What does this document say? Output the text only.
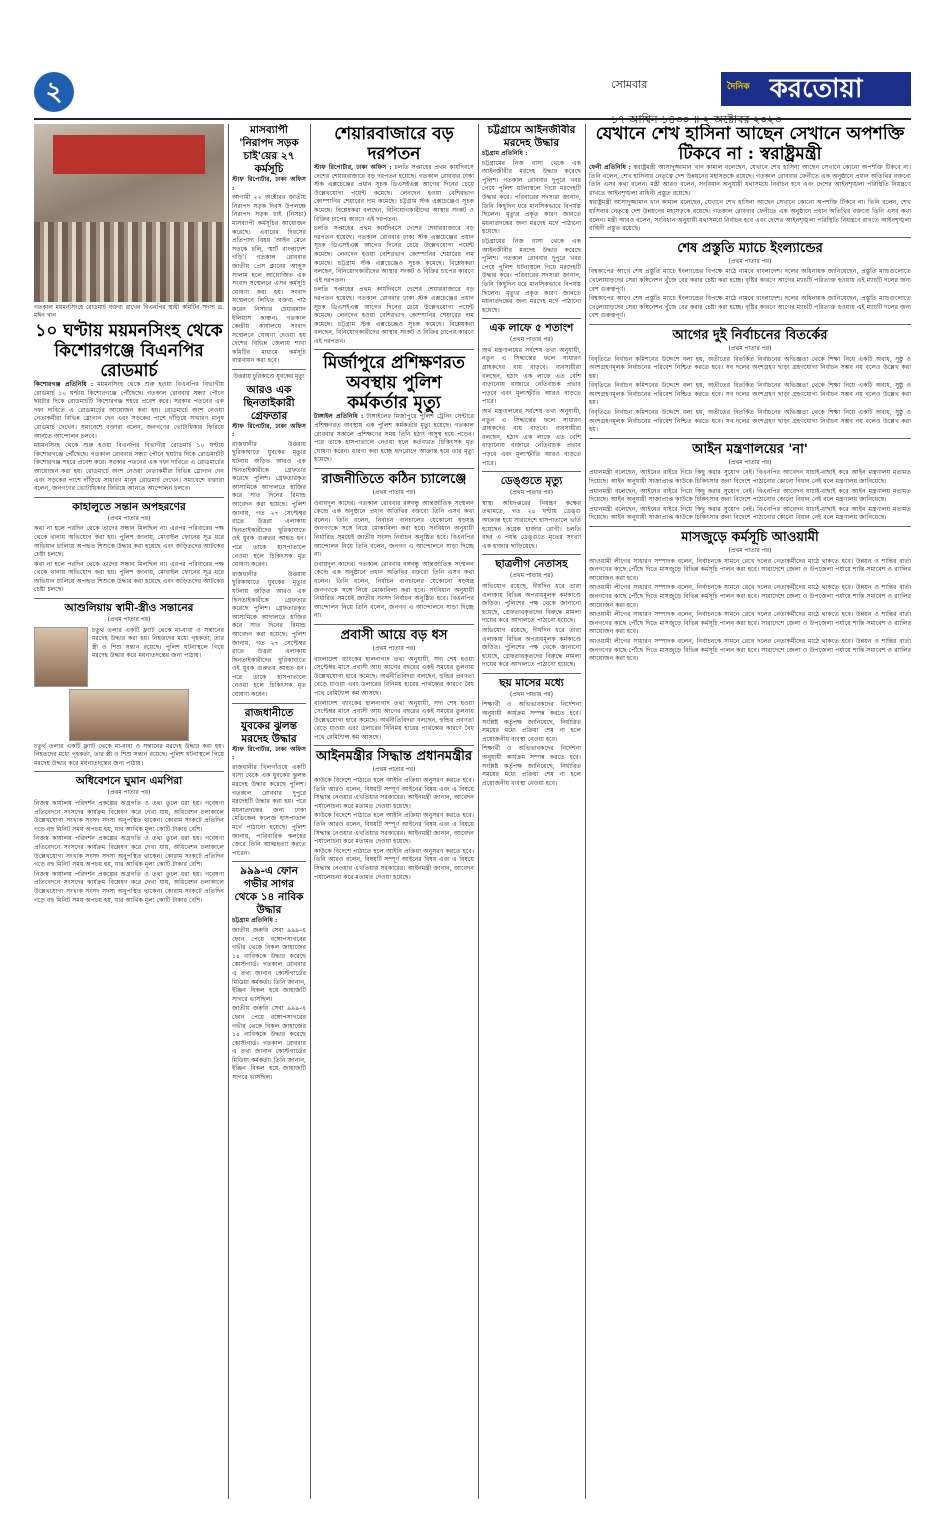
২	সোমবার	দৈনিক করতোয়া
১৭ আশ্বিন ১৪৩০ ॥ ২ অক্টোবর ২০২৩

গতকাল ময়মনসিংহে রোডমার্চ বক্তব্য রাখেন বিএনপির স্থায়ী কমিটির সদস্য ড. মঈন খান

১০ ঘণ্টায় ময়মনসিংহ থেকে কিশোরগঞ্জে বিএনপির রোডমার্চ

কিশোরগঞ্জ প্রতিনিধি : ময়মনসিংহ থেকে শুরু হওয়া বিএনপির বিভাগীয় রোডমার্চ ১০ ঘণ্টায় কিশোরগঞ্জে পৌঁছেছে। গতকাল রোববার সন্ধ্যা পৌনে ছয়টার দিকে রোডমার্চটি কিশোরগঞ্জ শহরে প্রবেশ করে। সরকার পতনের এক দফা দাবিতে এ রোডমার্চের আয়োজন করা হয়। রোডমার্চে অংশ নেওয়া নেতাকর্মীরা বিভিন্ন স্লোগান দেন এবং সড়কের পাশে দাঁড়িয়ে সাধারণ মানুষ রোডমার্চ দেখেন। সমাবেশে বক্তারা বলেন, জনগণের ভোটাধিকার ফিরিয়ে আনতে আন্দোলন চলবে।

ময়মনসিংহ থেকে শুরু হওয়া বিএনপির বিভাগীয় রোডমার্চ ১০ ঘণ্টায় কিশোরগঞ্জে পৌঁছেছে। গতকাল রোববার সন্ধ্যা পৌনে ছয়টার দিকে রোডমার্চটি কিশোরগঞ্জ শহরে প্রবেশ করে। সরকার পতনের এক দফা দাবিতে এ রোডমার্চের আয়োজন করা হয়। রোডমার্চে অংশ নেওয়া নেতাকর্মীরা বিভিন্ন স্লোগান দেন এবং সড়কের পাশে দাঁড়িয়ে সাধারণ মানুষ রোডমার্চ দেখেন। সমাবেশে বক্তারা বলেন, জনগণের ভোটাধিকার ফিরিয়ে আনতে আন্দোলন চলবে।

কাহালুতে সন্তান অপহরণের
(প্রথম পাতার পর)

কথা না হলে পরদিন থেকে তাদের সন্ধান মিলছিল না। এরপর পরিবারের পক্ষ থেকে থানায় অভিযোগ করা হয়। পুলিশ জানায়, মোবাইল ফোনের সূত্র ধরে অভিযান চালিয়ে অপহৃত শিশুকে উদ্ধার করা হয়েছে এবং জড়িতদের আটকের চেষ্টা চলছে।

কথা না হলে পরদিন থেকে তাদের সন্ধান মিলছিল না। এরপর পরিবারের পক্ষ থেকে থানায় অভিযোগ করা হয়। পুলিশ জানায়, মোবাইল ফোনের সূত্র ধরে অভিযান চালিয়ে অপহৃত শিশুকে উদ্ধার করা হয়েছে এবং জড়িতদের আটকের চেষ্টা চলছে।

আশুলিয়ায় স্বামী-স্ত্রীও সন্তানের
(প্রথম পাতার পর)

চতুর্থ তলার একটি ফ্ল্যাট থেকে মা-বাবা ও সন্তানের মরদেহ উদ্ধার করা হয়। নিহতদের মধ্যে গৃহকর্তা, তার স্ত্রী ও শিশু সন্তান রয়েছে। পুলিশ ঘটনাস্থলে গিয়ে মরদেহ উদ্ধার করে ময়নাতদন্তের জন্য পাঠায়।

চতুর্থ তলার একটি ফ্ল্যাট থেকে মা-বাবা ও সন্তানের মরদেহ উদ্ধার করা হয়। নিহতদের মধ্যে গৃহকর্তা, তার স্ত্রী ও শিশু সন্তান রয়েছে। পুলিশ ঘটনাস্থলে গিয়ে মরদেহ উদ্ধার করে ময়নাতদন্তের জন্য পাঠায়।

অধিবেশনে ঘুমান এমপিরা
(প্রথম পাতার পর)

নিজস্ব কার্যালয় পরিদর্শন প্রকল্পের অগ্রগতি ও তথ্য তুলে ধরা হয়। গবেষণা প্রতিবেদনে সংসদের কার্যক্রম বিশ্লেষণ করে দেখা যায়, অধিবেশন চলাকালে উল্লেখযোগ্য সংখ্যক সংসদ সদস্য অনুপস্থিত থাকেন। কোরাম সংকটে প্রতিদিন গড়ে বহু মিনিট সময় অপচয় হয়, যার আর্থিক মূল্য কোটি টাকার বেশি।

নিজস্ব কার্যালয় পরিদর্শন প্রকল্পের অগ্রগতি ও তথ্য তুলে ধরা হয়। গবেষণা প্রতিবেদনে সংসদের কার্যক্রম বিশ্লেষণ করে দেখা যায়, অধিবেশন চলাকালে উল্লেখযোগ্য সংখ্যক সংসদ সদস্য অনুপস্থিত থাকেন। কোরাম সংকটে প্রতিদিন গড়ে বহু মিনিট সময় অপচয় হয়, যার আর্থিক মূল্য কোটি টাকার বেশি।

নিজস্ব কার্যালয় পরিদর্শন প্রকল্পের অগ্রগতি ও তথ্য তুলে ধরা হয়। গবেষণা প্রতিবেদনে সংসদের কার্যক্রম বিশ্লেষণ করে দেখা যায়, অধিবেশন চলাকালে উল্লেখযোগ্য সংখ্যক সংসদ সদস্য অনুপস্থিত থাকেন। কোরাম সংকটে প্রতিদিন গড়ে বহু মিনিট সময় অপচয় হয়, যার আর্থিক মূল্য কোটি টাকার বেশি।

মাসব্যাপী 'নিরাপদ সড়ক চাই'য়ের ২৭ কর্মসূচি

স্টাফ রিপোর্টার, ঢাকা অফিস :

আগামী ২২ অক্টোবর জাতীয় নিরাপদ সড়ক দিবস উপলক্ষে নিরাপদ সড়ক চাই (নিসচা) মাসব্যাপী কর্মসূচির আয়োজন করেছে। এবারের দিবসের প্রতিপাদ্য বিষয় 'আইন মেনে সড়কে চলি, স্মার্ট বাংলাদেশ গড়ি'। গতকাল রোববার জাতীয় প্রেস ক্লাবের আব্দুস সালাম হলে আয়োজিত এক সংবাদ সম্মেলনে এসব কর্মসূচি ঘোষণা করা হয়। সংবাদ সম্মেলনে লিখিত বক্তব্য পাঠ করেন নিসচার চেয়ারম্যান ইলিয়াস কাঞ্চন। গতকাল কেন্দ্রীয় কার্যালয়ে সংবাদ সম্মেলনে ঘোষণা দেওয়া হয় দেশের বিভিন্ন জেলায় শাখা কমিটির মাধ্যমে কর্মসূচি বাস্তবায়ন করা হবে।

উত্তরায় চুরিকাণ্ডে যুবকের মৃত্যু
আরও এক ছিনতাইকারী গ্রেফতার

স্টাফ রিপোর্টার, ঢাকা অফিস :

রাজধানীর উত্তরায় ছুরিকাঘাতে যুবকের মৃত্যুর ঘটনায় জড়িত আরও এক ছিনতাইকারীকে গ্রেফতার করেছে পুলিশ। গ্রেফতারকৃত আসামিকে আদালতে হাজির করে সাত দিনের রিমান্ড আবেদন করা হয়েছে। পুলিশ জানায়, গত ২৭ সেপ্টেম্বর রাতে উত্তরা এলাকায় ছিনতাইকারীদের ছুরিকাঘাতে ওই যুবক গুরুতর আহত হন। পরে তাকে হাসপাতালে নেওয়া হলে চিকিৎসক মৃত ঘোষণা করেন।

রাজধানীর উত্তরায় ছুরিকাঘাতে যুবকের মৃত্যুর ঘটনায় জড়িত আরও এক ছিনতাইকারীকে গ্রেফতার করেছে পুলিশ। গ্রেফতারকৃত আসামিকে আদালতে হাজির করে সাত দিনের রিমান্ড আবেদন করা হয়েছে। পুলিশ জানায়, গত ২৭ সেপ্টেম্বর রাতে উত্তরা এলাকায় ছিনতাইকারীদের ছুরিকাঘাতে ওই যুবক গুরুতর আহত হন। পরে তাকে হাসপাতালে নেওয়া হলে চিকিৎসক মৃত ঘোষণা করেন।

রাজধানীতে যুবকের ঝুলন্ত মরদেহ উদ্ধার

স্টাফ রিপোর্টার, ঢাকা অফিস :

রাজধানীর খিলগাঁওয়ে একটি বাসা থেকে এক যুবকের ঝুলন্ত মরদেহ উদ্ধার করেছে পুলিশ। গতকাল রোববার দুপুরে মরদেহটি উদ্ধার করা হয়। পরে ময়নাতদন্তের জন্য ঢাকা মেডিকেল কলেজ হাসপাতাল মর্গে পাঠানো হয়েছে। পুলিশ জানায়, পারিবারিক কলহের জেরে তিনি আত্মহত্যা করতে পারেন।

৯৯৯-এ ফোন গভীর সাগর থেকে ১৪ নাবিক উদ্ধার

চট্টগ্রাম প্রতিনিধি :

জাতীয় জরুরি সেবা ৯৯৯-এ ফোন পেয়ে বঙ্গোপসাগরের গভীর থেকে বিকল জাহাজের ১৪ নাবিককে উদ্ধার করেছে কোস্টগার্ড। গতকাল রোববার এ তথ্য জানান কোস্টগার্ডের মিডিয়া কর্মকর্তা। তিনি জানান, ইঞ্জিন বিকল হয়ে জাহাজটি সাগরে ভাসছিল।

জাতীয় জরুরি সেবা ৯৯৯-এ ফোন পেয়ে বঙ্গোপসাগরের গভীর থেকে বিকল জাহাজের ১৪ নাবিককে উদ্ধার করেছে কোস্টগার্ড। গতকাল রোববার এ তথ্য জানান কোস্টগার্ডের মিডিয়া কর্মকর্তা। তিনি জানান, ইঞ্জিন বিকল হয়ে জাহাজটি সাগরে ভাসছিল।

শেয়ারবাজারে বড় দরপতন

স্টাফ রিপোর্টার, ঢাকা অফিস : চলতি সপ্তাহের প্রথম কার্যদিবসে দেশের শেয়ারবাজারে বড় দরপতন হয়েছে। গতকাল রোববার ঢাকা স্টক এক্সচেঞ্জের প্রধান সূচক ডিএসইএক্স আগের দিনের চেয়ে উল্লেখযোগ্য পয়েন্ট কমেছে। লেনদেন হওয়া বেশিরভাগ কোম্পানির শেয়ারের দাম কমেছে। চট্টগ্রাম স্টক এক্সচেঞ্জেও সূচক কমেছে। বিশ্লেষকরা বলছেন, বিনিয়োগকারীদের আস্থার সংকট ও বিক্রির চাপের কারণে এই দরপতন।

চলতি সপ্তাহের প্রথম কার্যদিবসে দেশের শেয়ারবাজারে বড় দরপতন হয়েছে। গতকাল রোববার ঢাকা স্টক এক্সচেঞ্জের প্রধান সূচক ডিএসইএক্স আগের দিনের চেয়ে উল্লেখযোগ্য পয়েন্ট কমেছে। লেনদেন হওয়া বেশিরভাগ কোম্পানির শেয়ারের দাম কমেছে। চট্টগ্রাম স্টক এক্সচেঞ্জেও সূচক কমেছে। বিশ্লেষকরা বলছেন, বিনিয়োগকারীদের আস্থার সংকট ও বিক্রির চাপের কারণে এই দরপতন।

চলতি সপ্তাহের প্রথম কার্যদিবসে দেশের শেয়ারবাজারে বড় দরপতন হয়েছে। গতকাল রোববার ঢাকা স্টক এক্সচেঞ্জের প্রধান সূচক ডিএসইএক্স আগের দিনের চেয়ে উল্লেখযোগ্য পয়েন্ট কমেছে। লেনদেন হওয়া বেশিরভাগ কোম্পানির শেয়ারের দাম কমেছে। চট্টগ্রাম স্টক এক্সচেঞ্জেও সূচক কমেছে। বিশ্লেষকরা বলছেন, বিনিয়োগকারীদের আস্থার সংকট ও বিক্রির চাপের কারণে এই দরপতন।

মির্জাপুরে প্রশিক্ষণরত অবস্থায় পুলিশ কর্মকর্তার মৃত্যু

টাঙ্গাইল প্রতিনিধি : টাঙ্গাইলের মির্জাপুরে পুলিশ ট্রেনিং সেন্টারে প্রশিক্ষণরত অবস্থায় এক পুলিশ কর্মকর্তার মৃত্যু হয়েছে। গতকাল রোববার সকালে প্রশিক্ষণের সময় তিনি হঠাৎ অসুস্থ হয়ে পড়েন। পরে তাকে হাসপাতালে নেওয়া হলে কর্তব্যরত চিকিৎসক মৃত ঘোষণা করেন। ধারণা করা হচ্ছে হৃদরোগে আক্রান্ত হয়ে তার মৃত্যু হয়েছে।

রাজনীতিতে কঠিন চ্যালেঞ্জে
(প্রথম পাতার পর)

ওবায়দুল কাদের। গতকাল রোববার বঙ্গবন্ধু আন্তর্জাতিক সম্মেলন কেন্দ্রে এক অনুষ্ঠানে প্রধান অতিথির বক্তব্যে তিনি এসব কথা বলেন। তিনি বলেন, নির্বাচন বানচালের যেকোনো ষড়যন্ত্র জনগণকে সঙ্গে নিয়ে মোকাবিলা করা হবে। সংবিধান অনুযায়ী নির্ধারিত সময়েই জাতীয় সংসদ নির্বাচন অনুষ্ঠিত হবে। বিএনপির আন্দোলন নিয়ে তিনি বলেন, জনগণ এ আন্দোলনে সাড়া দিচ্ছে না।

ওবায়দুল কাদের। গতকাল রোববার বঙ্গবন্ধু আন্তর্জাতিক সম্মেলন কেন্দ্রে এক অনুষ্ঠানে প্রধান অতিথির বক্তব্যে তিনি এসব কথা বলেন। তিনি বলেন, নির্বাচন বানচালের যেকোনো ষড়যন্ত্র জনগণকে সঙ্গে নিয়ে মোকাবিলা করা হবে। সংবিধান অনুযায়ী নির্ধারিত সময়েই জাতীয় সংসদ নির্বাচন অনুষ্ঠিত হবে। বিএনপির আন্দোলন নিয়ে তিনি বলেন, জনগণ এ আন্দোলনে সাড়া দিচ্ছে না।

প্রবাসী আয়ে বড় ধস
(প্রথম পাতার পর)

বাংলাদেশ ব্যাংকের হালনাগাদ তথ্য অনুযায়ী, সদ্য শেষ হওয়া সেপ্টেম্বর মাসে প্রবাসী আয় আগের বছরের একই সময়ের তুলনায় উল্লেখযোগ্য হারে কমেছে। অর্থনীতিবিদরা বলছেন, হুন্ডির প্রবণতা বেড়ে যাওয়া এবং ডলারের বিনিময় হারের পার্থক্যের কারণে বৈধ পথে রেমিট্যান্স কম আসছে।

বাংলাদেশ ব্যাংকের হালনাগাদ তথ্য অনুযায়ী, সদ্য শেষ হওয়া সেপ্টেম্বর মাসে প্রবাসী আয় আগের বছরের একই সময়ের তুলনায় উল্লেখযোগ্য হারে কমেছে। অর্থনীতিবিদরা বলছেন, হুন্ডির প্রবণতা বেড়ে যাওয়া এবং ডলারের বিনিময় হারের পার্থক্যের কারণে বৈধ পথে রেমিট্যান্স কম আসছে।

আইনমন্ত্রীর সিদ্ধান্ত প্রধানমন্ত্রীর
(প্রথম পাতার পর)

কাউকে বিদেশে পাঠাতে হলে আইনি প্রক্রিয়া অনুসরণ করতে হবে। তিনি আরও বলেন, বিষয়টি সম্পূর্ণ আইনের বিষয় এবং এ বিষয়ে সিদ্ধান্ত নেওয়ার এখতিয়ার সরকারের। আইনমন্ত্রী জানান, আবেদন পর্যালোচনা করে মতামত দেওয়া হয়েছে।

কাউকে বিদেশে পাঠাতে হলে আইনি প্রক্রিয়া অনুসরণ করতে হবে। তিনি আরও বলেন, বিষয়টি সম্পূর্ণ আইনের বিষয় এবং এ বিষয়ে সিদ্ধান্ত নেওয়ার এখতিয়ার সরকারের। আইনমন্ত্রী জানান, আবেদন পর্যালোচনা করে মতামত দেওয়া হয়েছে।

কাউকে বিদেশে পাঠাতে হলে আইনি প্রক্রিয়া অনুসরণ করতে হবে। তিনি আরও বলেন, বিষয়টি সম্পূর্ণ আইনের বিষয় এবং এ বিষয়ে সিদ্ধান্ত নেওয়ার এখতিয়ার সরকারের। আইনমন্ত্রী জানান, আবেদন পর্যালোচনা করে মতামত দেওয়া হয়েছে।

চট্টগ্রামে আইনজীবীর মরদেহ উদ্ধার

চট্টগ্রাম প্রতিনিধি :

চট্টগ্রামের নিজ বাসা থেকে এক আইনজীবীর মরদেহ উদ্ধার করেছে পুলিশ। গতকাল রোববার দুপুরে খবর পেয়ে পুলিশ ঘটনাস্থলে গিয়ে মরদেহটি উদ্ধার করে। পরিবারের সদস্যরা জানান, তিনি কিছুদিন ধরে মানসিকভাবে বিপর্যস্ত ছিলেন। মৃত্যুর প্রকৃত কারণ জানতে ময়নাতদন্তের জন্য মরদেহ মর্গে পাঠানো হয়েছে।

চট্টগ্রামের নিজ বাসা থেকে এক আইনজীবীর মরদেহ উদ্ধার করেছে পুলিশ। গতকাল রোববার দুপুরে খবর পেয়ে পুলিশ ঘটনাস্থলে গিয়ে মরদেহটি উদ্ধার করে। পরিবারের সদস্যরা জানান, তিনি কিছুদিন ধরে মানসিকভাবে বিপর্যস্ত ছিলেন। মৃত্যুর প্রকৃত কারণ জানতে ময়নাতদন্তের জন্য মরদেহ মর্গে পাঠানো হয়েছে।

এক লাফে ৫ শতাংশ
(প্রথম পাতার পর)

অর্থ মন্ত্রণালয়ের সর্বশেষ তথ্য অনুযায়ী, নতুন এ সিদ্ধান্তের ফলে সাধারণ গ্রাহকদের ব্যয় বাড়বে। ব্যবসায়ীরা বলছেন, হঠাৎ এক লাফে এত বেশি বাড়ানোয় বাজারে নেতিবাচক প্রভাব পড়বে এবং মূল্যস্ফীতি আরও বাড়তে পারে।

অর্থ মন্ত্রণালয়ের সর্বশেষ তথ্য অনুযায়ী, নতুন এ সিদ্ধান্তের ফলে সাধারণ গ্রাহকদের ব্যয় বাড়বে। ব্যবসায়ীরা বলছেন, হঠাৎ এক লাফে এত বেশি বাড়ানোয় বাজারে নেতিবাচক প্রভাব পড়বে এবং মূল্যস্ফীতি আরও বাড়তে পারে।

ডেঙ্গুতে মৃত্যু
(প্রথম পাতার পর)

স্বাস্থ্য অধিদপ্তরের নিয়ন্ত্রণ কক্ষের তথ্যমতে, গত ২৪ ঘণ্টায় ডেঙ্গু আক্রান্ত হয়ে সারাদেশে হাসপাতালে ভর্তি হয়েছেন কয়েক হাজার রোগী। চলতি বছর এ পর্যন্ত ডেঙ্গুতে মৃতের সংখ্যা এক হাজার ছাড়িয়েছে।

ছাত্রলীগ নেতাসহ
(প্রথম পাতার পর)

অভিযোগ রয়েছে, দীর্ঘদিন ধরে তারা এলাকায় বিভিন্ন অপরাধমূলক কর্মকাণ্ডে জড়িত। পুলিশের পক্ষ থেকে জানানো হয়েছে, গ্রেফতারকৃতদের বিরুদ্ধে মামলা দায়ের করে আদালতে পাঠানো হয়েছে।

অভিযোগ রয়েছে, দীর্ঘদিন ধরে তারা এলাকায় বিভিন্ন অপরাধমূলক কর্মকাণ্ডে জড়িত। পুলিশের পক্ষ থেকে জানানো হয়েছে, গ্রেফতারকৃতদের বিরুদ্ধে মামলা দায়ের করে আদালতে পাঠানো হয়েছে।

ছয় মাসের মধ্যে
(প্রথম পাতার পর)

শিক্ষার্থী ও অভিভাবকদের নির্দেশনা অনুযায়ী কার্যক্রম সম্পন্ন করতে হবে। সংশ্লিষ্ট কর্তৃপক্ষ জানিয়েছে, নির্ধারিত সময়ের মধ্যে প্রক্রিয়া শেষ না হলে প্রয়োজনীয় ব্যবস্থা নেওয়া হবে।

শিক্ষার্থী ও অভিভাবকদের নির্দেশনা অনুযায়ী কার্যক্রম সম্পন্ন করতে হবে। সংশ্লিষ্ট কর্তৃপক্ষ জানিয়েছে, নির্ধারিত সময়ের মধ্যে প্রক্রিয়া শেষ না হলে প্রয়োজনীয় ব্যবস্থা নেওয়া হবে।

যেখানে শেখ হাসিনা আছেন সেখানে অপশক্তি টিকবে না : স্বরাষ্ট্রমন্ত্রী

ফেনী প্রতিনিধি : স্বরাষ্ট্রমন্ত্রী আসাদুজ্জামান খান কামাল বলেছেন, যেখানে শেখ হাসিনা আছেন সেখানে কোনো অপশক্তি টিকবে না। তিনি বলেন, শেখ হাসিনার নেতৃত্বে দেশ উন্নয়নের মহাসড়কে রয়েছে। গতকাল রোববার ফেনীতে এক অনুষ্ঠানে প্রধান অতিথির বক্তব্যে তিনি এসব কথা বলেন। মন্ত্রী আরও বলেন, সংবিধান অনুযায়ী যথাসময়ে নির্বাচন হবে এবং দেশের আইনশৃঙ্খলা পরিস্থিতি নিয়ন্ত্রণে রাখতে আইনশৃঙ্খলা বাহিনী প্রস্তুত রয়েছে।

স্বরাষ্ট্রমন্ত্রী আসাদুজ্জামান খান কামাল বলেছেন, যেখানে শেখ হাসিনা আছেন সেখানে কোনো অপশক্তি টিকবে না। তিনি বলেন, শেখ হাসিনার নেতৃত্বে দেশ উন্নয়নের মহাসড়কে রয়েছে। গতকাল রোববার ফেনীতে এক অনুষ্ঠানে প্রধান অতিথির বক্তব্যে তিনি এসব কথা বলেন। মন্ত্রী আরও বলেন, সংবিধান অনুযায়ী যথাসময়ে নির্বাচন হবে এবং দেশের আইনশৃঙ্খলা পরিস্থিতি নিয়ন্ত্রণে রাখতে আইনশৃঙ্খলা বাহিনী প্রস্তুত রয়েছে।

শেষ প্রস্তুতি ম্যাচে ইংল্যান্ডের
(প্রথম পাতার পর)

বিশ্বকাপের আগে শেষ প্রস্তুতি ম্যাচে ইংল্যান্ডের বিপক্ষে মাঠে নামবে বাংলাদেশ। দলের অধিনায়ক জানিয়েছেন, প্রস্তুতি ম্যাচগুলোতে খেলোয়াড়দের সেরা কম্বিনেশন খুঁজে বের করার চেষ্টা করা হচ্ছে। বৃষ্টির কারণে আগের ম্যাচটি পরিত্যক্ত হওয়ায় এই ম্যাচটি দলের জন্য বেশ গুরুত্বপূর্ণ।

বিশ্বকাপের আগে শেষ প্রস্তুতি ম্যাচে ইংল্যান্ডের বিপক্ষে মাঠে নামবে বাংলাদেশ। দলের অধিনায়ক জানিয়েছেন, প্রস্তুতি ম্যাচগুলোতে খেলোয়াড়দের সেরা কম্বিনেশন খুঁজে বের করার চেষ্টা করা হচ্ছে। বৃষ্টির কারণে আগের ম্যাচটি পরিত্যক্ত হওয়ায় এই ম্যাচটি দলের জন্য বেশ গুরুত্বপূর্ণ।

আগের দুই নির্বাচনের বিতর্কের
(প্রথম পাতার পর)

বিবৃতিতে নির্বাচন কমিশনের উদ্দেশে বলা হয়, অতীতের বিতর্কিত নির্বাচনের অভিজ্ঞতা থেকে শিক্ষা নিয়ে একটি অবাধ, সুষ্ঠু ও অংশগ্রহণমূলক নির্বাচনের পরিবেশ নিশ্চিত করতে হবে। সব দলের অংশগ্রহণ ছাড়া গ্রহণযোগ্য নির্বাচন সম্ভব নয় বলেও উল্লেখ করা হয়।

বিবৃতিতে নির্বাচন কমিশনের উদ্দেশে বলা হয়, অতীতের বিতর্কিত নির্বাচনের অভিজ্ঞতা থেকে শিক্ষা নিয়ে একটি অবাধ, সুষ্ঠু ও অংশগ্রহণমূলক নির্বাচনের পরিবেশ নিশ্চিত করতে হবে। সব দলের অংশগ্রহণ ছাড়া গ্রহণযোগ্য নির্বাচন সম্ভব নয় বলেও উল্লেখ করা হয়।

বিবৃতিতে নির্বাচন কমিশনের উদ্দেশে বলা হয়, অতীতের বিতর্কিত নির্বাচনের অভিজ্ঞতা থেকে শিক্ষা নিয়ে একটি অবাধ, সুষ্ঠু ও অংশগ্রহণমূলক নির্বাচনের পরিবেশ নিশ্চিত করতে হবে। সব দলের অংশগ্রহণ ছাড়া গ্রহণযোগ্য নির্বাচন সম্ভব নয় বলেও উল্লেখ করা হয়।

আইন মন্ত্রণালয়ের 'না'
(প্রথম পাতার পর)

প্রধানমন্ত্রী বলেছেন, আইনের বাইরে গিয়ে কিছু করার সুযোগ নেই। বিএনপির আবেদন যাচাই-বাছাই করে আইন মন্ত্রণালয় মতামত দিয়েছে। আইন অনুযায়ী সাজাপ্রাপ্ত কাউকে চিকিৎসার জন্য বিদেশে পাঠানোর কোনো বিধান নেই বলে মন্ত্রণালয় জানিয়েছে।

প্রধানমন্ত্রী বলেছেন, আইনের বাইরে গিয়ে কিছু করার সুযোগ নেই। বিএনপির আবেদন যাচাই-বাছাই করে আইন মন্ত্রণালয় মতামত দিয়েছে। আইন অনুযায়ী সাজাপ্রাপ্ত কাউকে চিকিৎসার জন্য বিদেশে পাঠানোর কোনো বিধান নেই বলে মন্ত্রণালয় জানিয়েছে।

প্রধানমন্ত্রী বলেছেন, আইনের বাইরে গিয়ে কিছু করার সুযোগ নেই। বিএনপির আবেদন যাচাই-বাছাই করে আইন মন্ত্রণালয় মতামত দিয়েছে। আইন অনুযায়ী সাজাপ্রাপ্ত কাউকে চিকিৎসার জন্য বিদেশে পাঠানোর কোনো বিধান নেই বলে মন্ত্রণালয় জানিয়েছে।

মাসজুড়ে কর্মসূচি আওয়ামী
(প্রথম পাতার পর)

আওয়ামী লীগের সাধারণ সম্পাদক বলেন, নির্বাচনকে সামনে রেখে দলের নেতাকর্মীদের মাঠে থাকতে হবে। উন্নয়ন ও শান্তির বার্তা জনগণের কাছে পৌঁছে দিতে মাসজুড়ে বিভিন্ন কর্মসূচি পালন করা হবে। সারাদেশে জেলা ও উপজেলা পর্যায়ে শান্তি সমাবেশ ও র‍্যালির আয়োজন করা হবে।

আওয়ামী লীগের সাধারণ সম্পাদক বলেন, নির্বাচনকে সামনে রেখে দলের নেতাকর্মীদের মাঠে থাকতে হবে। উন্নয়ন ও শান্তির বার্তা জনগণের কাছে পৌঁছে দিতে মাসজুড়ে বিভিন্ন কর্মসূচি পালন করা হবে। সারাদেশে জেলা ও উপজেলা পর্যায়ে শান্তি সমাবেশ ও র‍্যালির আয়োজন করা হবে।

আওয়ামী লীগের সাধারণ সম্পাদক বলেন, নির্বাচনকে সামনে রেখে দলের নেতাকর্মীদের মাঠে থাকতে হবে। উন্নয়ন ও শান্তির বার্তা জনগণের কাছে পৌঁছে দিতে মাসজুড়ে বিভিন্ন কর্মসূচি পালন করা হবে। সারাদেশে জেলা ও উপজেলা পর্যায়ে শান্তি সমাবেশ ও র‍্যালির আয়োজন করা হবে।

আওয়ামী লীগের সাধারণ সম্পাদক বলেন, নির্বাচনকে সামনে রেখে দলের নেতাকর্মীদের মাঠে থাকতে হবে। উন্নয়ন ও শান্তির বার্তা জনগণের কাছে পৌঁছে দিতে মাসজুড়ে বিভিন্ন কর্মসূচি পালন করা হবে। সারাদেশে জেলা ও উপজেলা পর্যায়ে শান্তি সমাবেশ ও র‍্যালির আয়োজন করা হবে।
